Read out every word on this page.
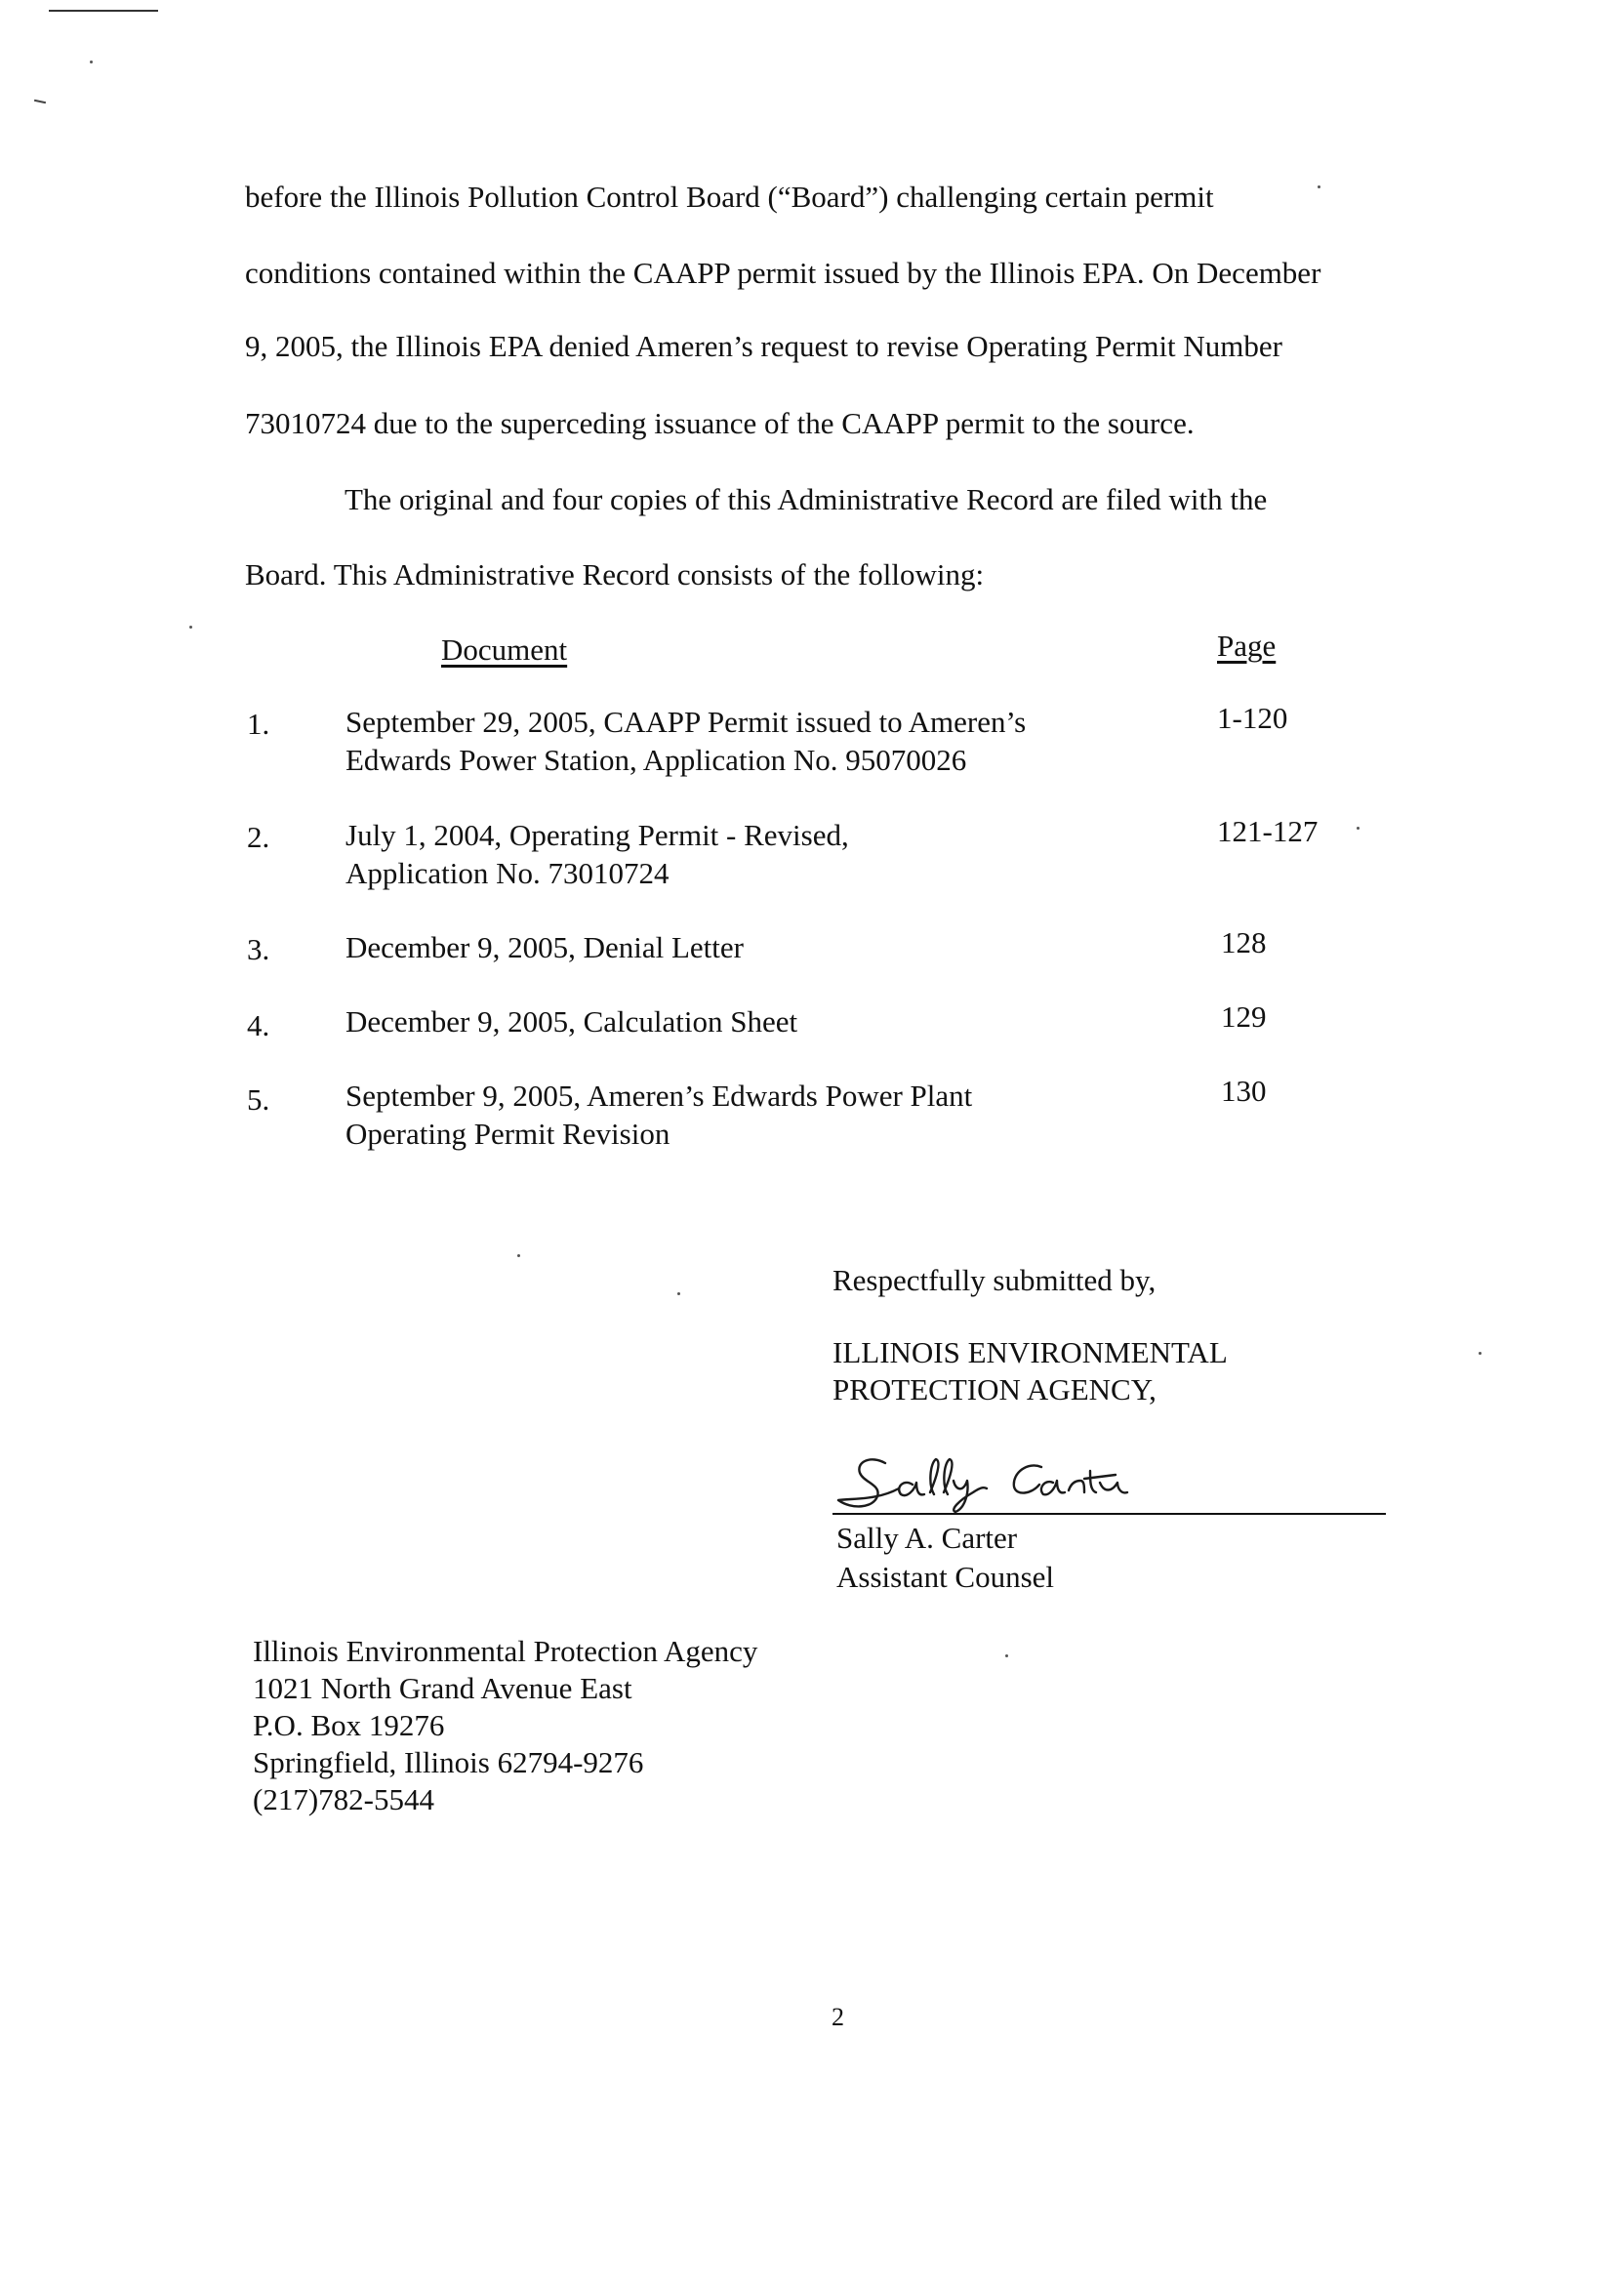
before the Illinois Pollution Control Board (“Board”) challenging certain permit
conditions contained within the CAAPP permit issued by the Illinois EPA. On December
9, 2005, the Illinois EPA denied Ameren’s request to revise Operating Permit Number
73010724 due to the superceding issuance of the CAAPP permit to the source.
The original and four copies of this Administrative Record are filed with the
Board. This Administrative Record consists of the following:
Document	Page
1.	September 29, 2005, CAAPP Permit issued to Ameren’s
Edwards Power Station, Application No. 95070026
1-120
2.	July 1, 2004, Operating Permit - Revised,
Application No. 73010724
121-127
3.	December 9, 2005, Denial Letter	128
4.	December 9, 2005, Calculation Sheet	129
5.	September 9, 2005, Ameren’s Edwards Power Plant
Operating Permit Revision
130
Respectfully submitted by,
ILLINOIS ENVIRONMENTAL
PROTECTION AGENCY,
Sally A. Carter
Assistant Counsel
Illinois Environmental Protection Agency
1021 North Grand Avenue East
P.O. Box 19276
Springfield, Illinois 62794-9276
(217)782-5544
2
